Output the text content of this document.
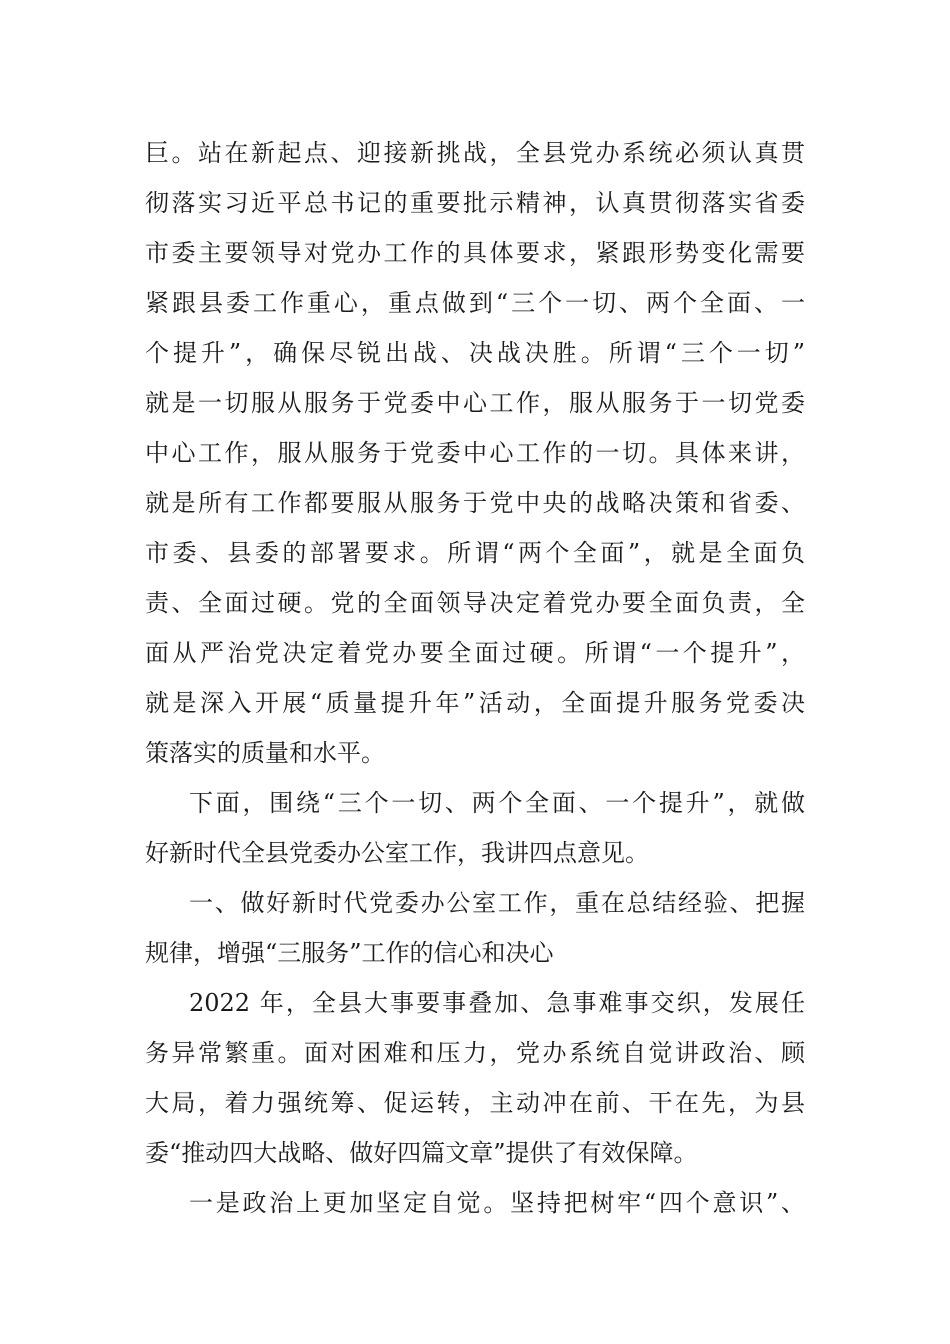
巨。站在新起点、迎接新挑战，全县党办系统必须认真贯
彻落实习近平总书记的重要批示精神，认真贯彻落实省委
市委主要领导对党办工作的具体要求，紧跟形势变化需要
紧跟县委工作重心，重点做到“三个一切、两个全面、一
个提升”，确保尽锐出战、决战决胜。所谓“三个一切”
就是一切服从服务于党委中心工作，服从服务于一切党委
中心工作，服从服务于党委中心工作的一切。具体来讲，
就是所有工作都要服从服务于党中央的战略决策和省委、
市委、县委的部署要求。所谓“两个全面”，就是全面负
责、全面过硬。党的全面领导决定着党办要全面负责，全
面从严治党决定着党办要全面过硬。所谓“一个提升”，
就是深入开展“质量提升年”活动，全面提升服务党委决
策落实的质量和水平。

下面，围绕“三个一切、两个全面、一个提升”，就做
好新时代全县党委办公室工作，我讲四点意见。

一、做好新时代党委办公室工作，重在总结经验、把握
规律，增强“三服务”工作的信心和决心

2022 年，全县大事要事叠加、急事难事交织，发展任
务异常繁重。面对困难和压力，党办系统自觉讲政治、顾
大局，着力强统筹、促运转，主动冲在前、干在先，为县
委“推动四大战略、做好四篇文章”提供了有效保障。

一是政治上更加坚定自觉。坚持把树牢“四个意识”、
